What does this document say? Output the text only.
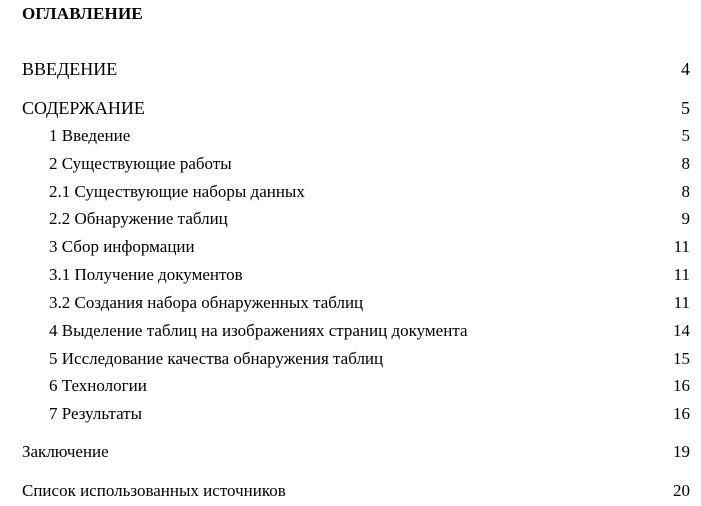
ОГЛАВЛЕНИЕ
ВВЕДЕНИЕ	4
СОДЕРЖАНИЕ	5
1 Введение	5
2 Существующие работы	8
2.1 Существующие наборы данных	8
2.2 Обнаружение таблиц	9
3 Сбор информации	11
3.1 Получение документов	11
3.2 Создания набора обнаруженных таблиц	11
4 Выделение таблиц на изображениях страниц документа	14
5 Исследование качества обнаружения таблиц	15
6 Технологии	16
7 Результаты	16
Заключение	19
Список использованных источников	20
